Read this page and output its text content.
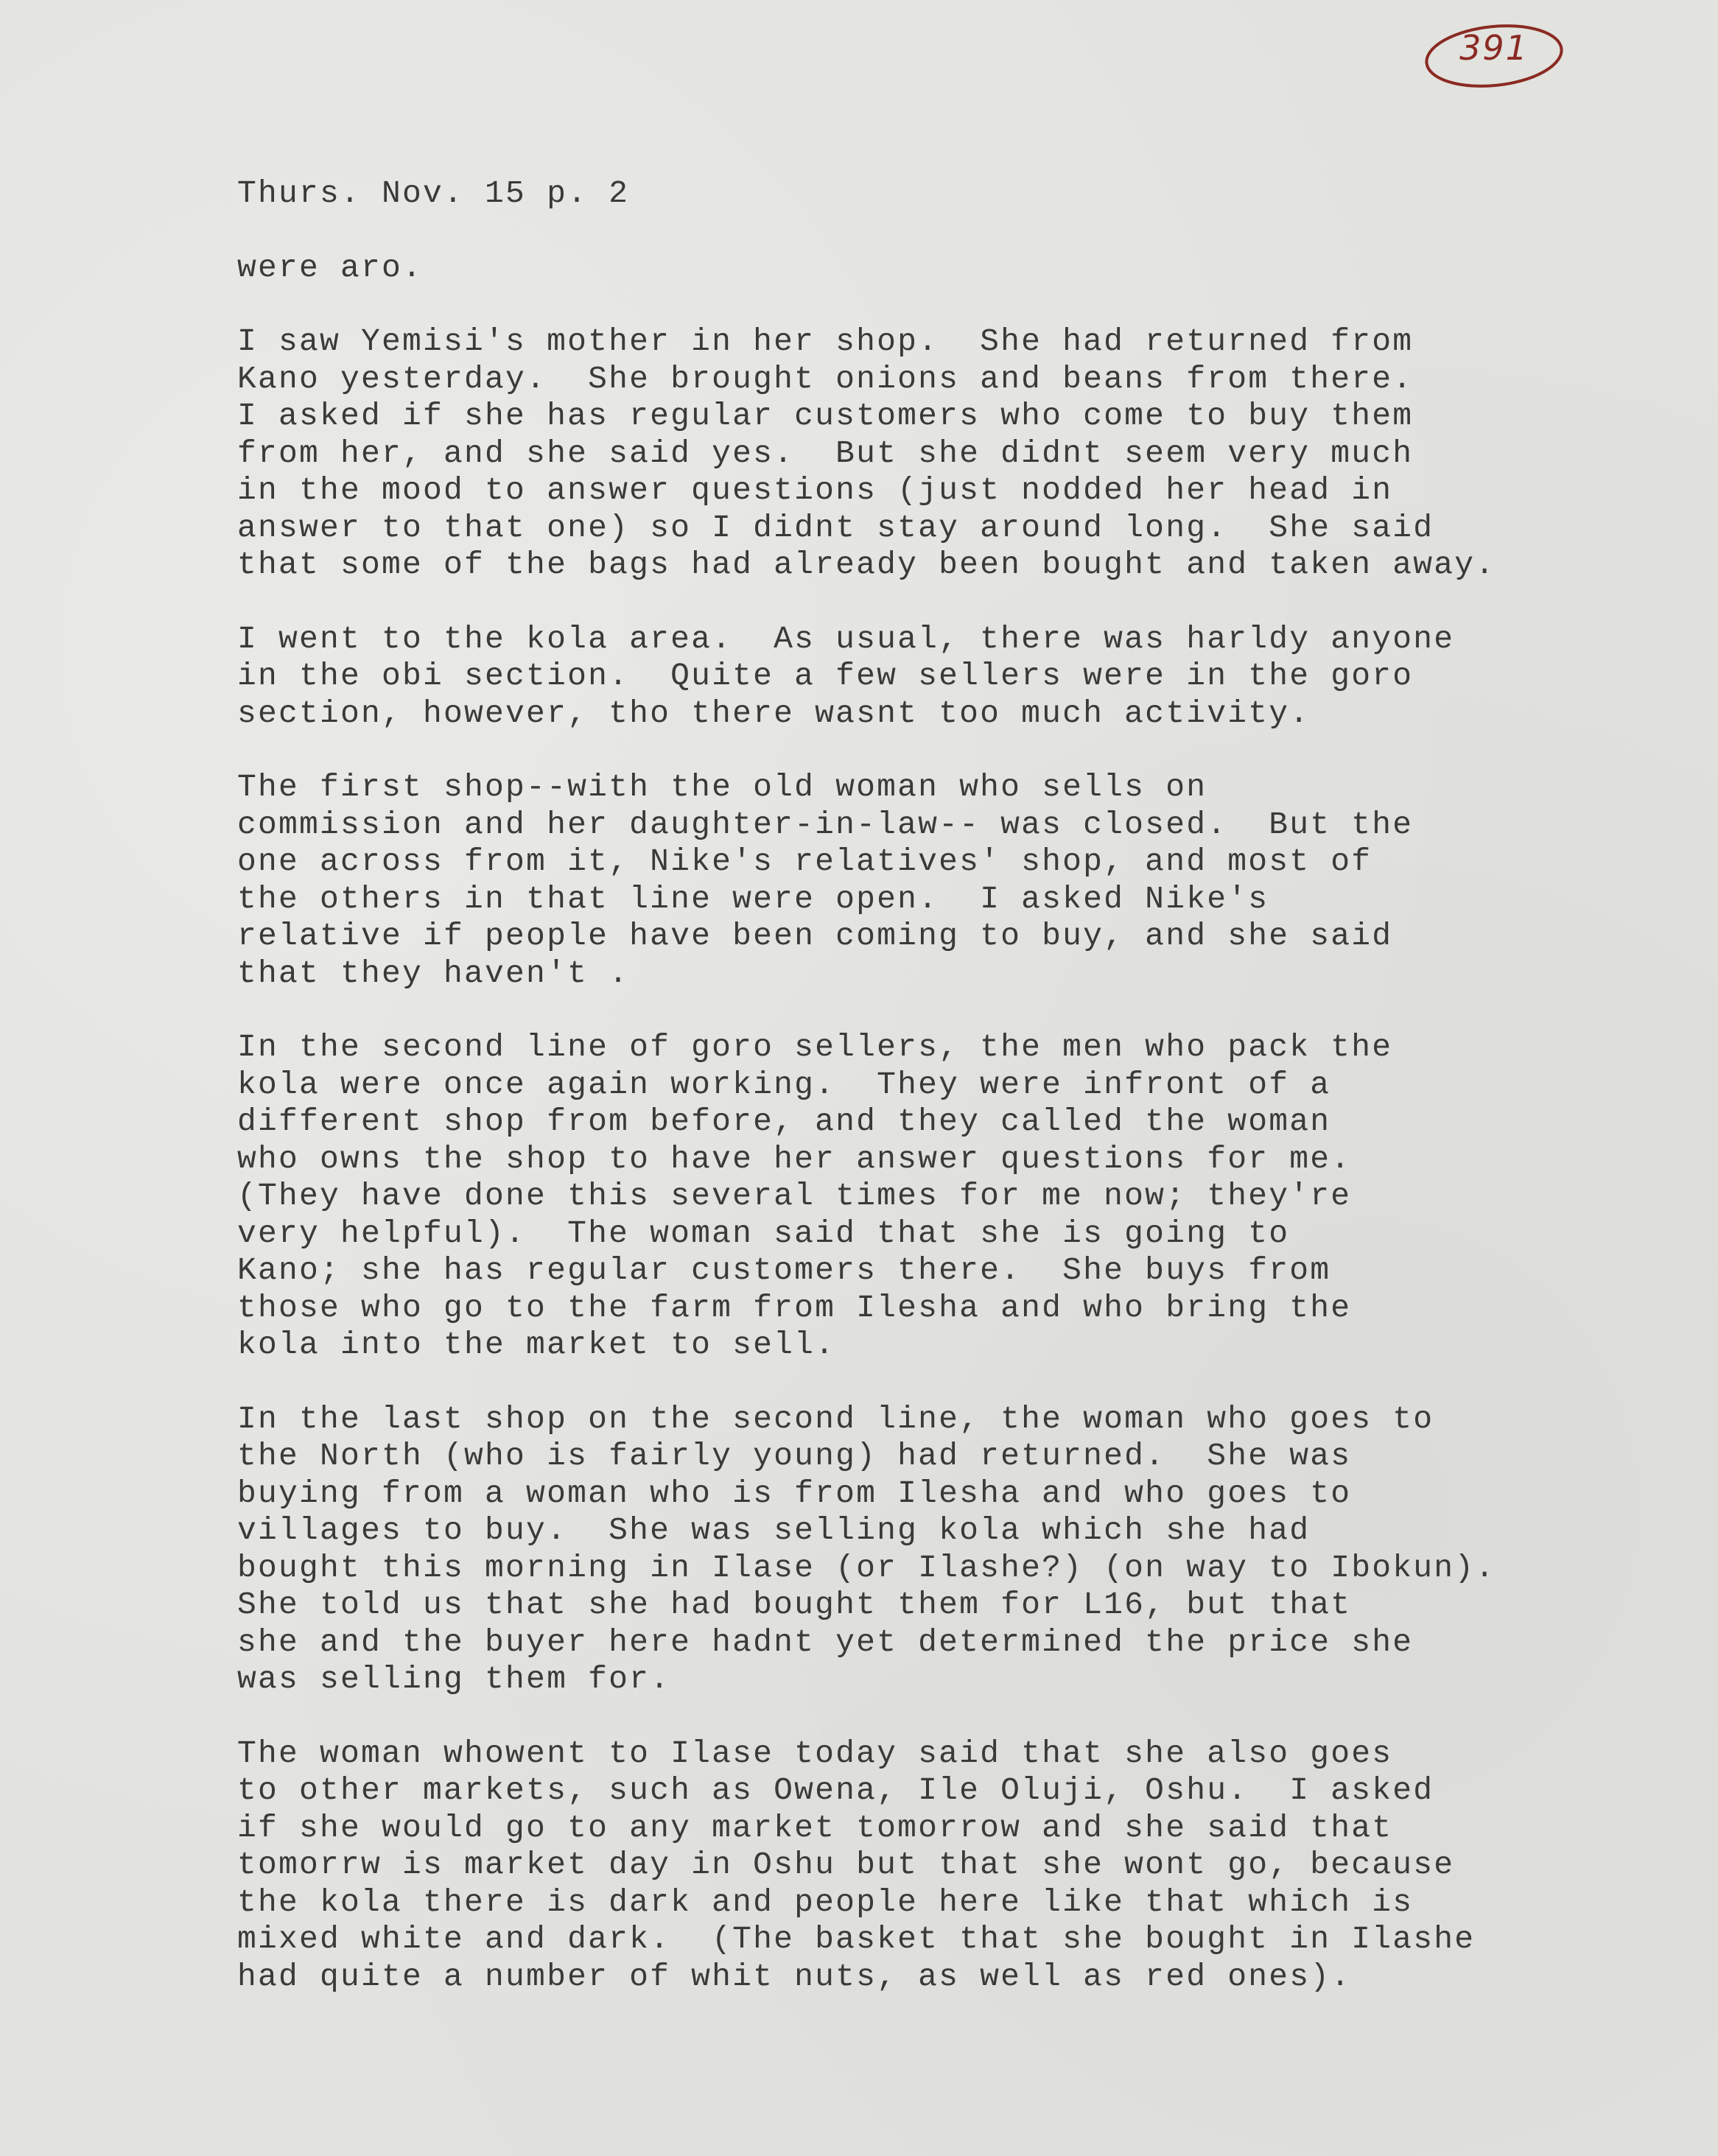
391
Thurs. Nov. 15 p. 2
were aro.
I saw Yemisi's mother in her shop.  She had returned from
Kano yesterday.  She brought onions and beans from there.
I asked if she has regular customers who come to buy them
from her, and she said yes.  But she didnt seem very much
in the mood to answer questions (just nodded her head in
answer to that one) so I didnt stay around long.  She said
that some of the bags had already been bought and taken away.
I went to the kola area.  As usual, there was harldy anyone
in the obi section.  Quite a few sellers were in the goro
section, however, tho there wasnt too much activity.
The first shop--with the old woman who sells on
commission and her daughter-in-law-- was closed.  But the
one across from it, Nike's relatives' shop, and most of
the others in that line were open.  I asked Nike's
relative if people have been coming to buy, and she said
that they haven't .
In the second line of goro sellers, the men who pack the
kola were once again working.  They were infront of a
different shop from before, and they called the woman
who owns the shop to have her answer questions for me.
(They have done this several times for me now; they're
very helpful).  The woman said that she is going to
Kano; she has regular customers there.  She buys from
those who go to the farm from Ilesha and who bring the
kola into the market to sell.
In the last shop on the second line, the woman who goes to
the North (who is fairly young) had returned.  She was
buying from a woman who is from Ilesha and who goes to
villages to buy.  She was selling kola which she had
bought this morning in Ilase (or Ilashe?) (on way to Ibokun).
She told us that she had bought them for L16, but that
she and the buyer here hadnt yet determined the price she
was selling them for.
The woman whowent to Ilase today said that she also goes
to other markets, such as Owena, Ile Oluji, Oshu.  I asked
if she would go to any market tomorrow and she said that
tomorrw is market day in Oshu but that she wont go, because
the kola there is dark and people here like that which is
mixed white and dark.  (The basket that she bought in Ilashe
had quite a number of whit nuts, as well as red ones).
